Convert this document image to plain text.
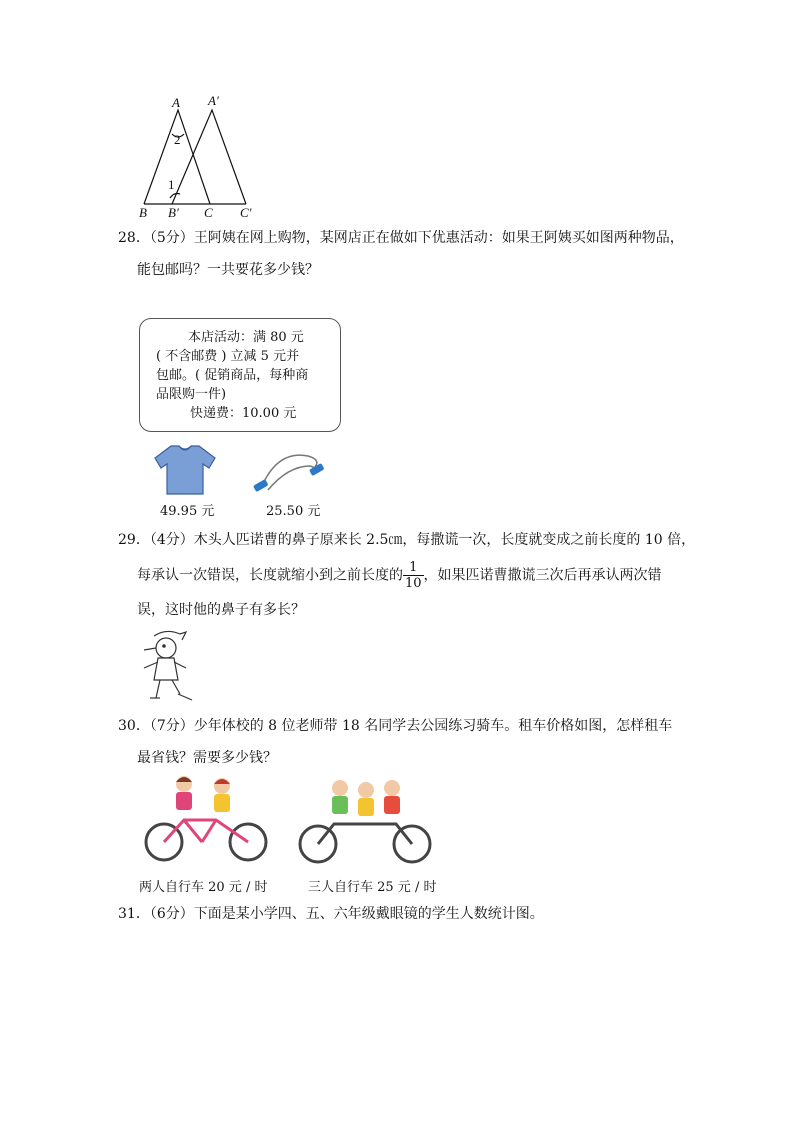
A A′
2
1
B B′ C C′
28．（5分）王阿姨在网上购物，某网店正在做如下优惠活动：如果王阿姨买如图两种物品，
能包邮吗？一共要花多少钱？
本店活动：满 80 元
( 不含邮费 ) 立减 5 元并
包邮。( 促销商品，每种商
品限购一件)
快递费：10.00 元
49.95 元	25.50 元
29．（4分）木头人匹诺曹的鼻子原来长 2.5㎝，每撒谎一次，长度就变成之前长度的 10 倍，
每承认一次错误，长度就缩小到之前长度的 $\frac{1}{10}$ ，如果匹诺曹撒谎三次后再承认两次错
误，这时他的鼻子有多长？
30．（7分）少年体校的 8 位老师带 18 名同学去公园练习骑车。租车价格如图，怎样租车
最省钱？需要多少钱？
两人自行车 20 元 / 时	三人自行车 25 元 / 时
31．（6分）下面是某小学四、五、六年级戴眼镜的学生人数统计图。
